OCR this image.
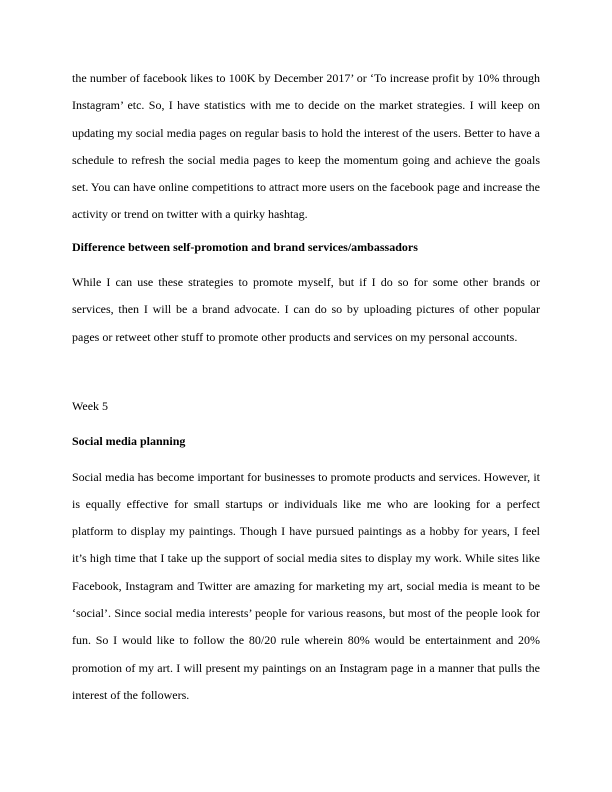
the number of facebook likes to 100K by December 2017’ or ‘To increase profit by 10% through Instagram’ etc. So, I have statistics with me to decide on the market strategies. I will keep on updating my social media pages on regular basis to hold the interest of the users. Better to have a schedule to refresh the social media pages to keep the momentum going and achieve the goals set. You can have online competitions to attract more users on the facebook page and increase the activity or trend on twitter with a quirky hashtag.

Difference between self-promotion and brand services/ambassadors

While I can use these strategies to promote myself, but if I do so for some other brands or services, then I will be a brand advocate. I can do so by uploading pictures of other popular pages or retweet other stuff to promote other products and services on my personal accounts.

Week 5

Social media planning

Social media has become important for businesses to promote products and services. However, it is equally effective for small startups or individuals like me who are looking for a perfect platform to display my paintings. Though I have pursued paintings as a hobby for years, I feel it’s high time that I take up the support of social media sites to display my work. While sites like Facebook, Instagram and Twitter are amazing for marketing my art, social media is meant to be ‘social’. Since social media interests’ people for various reasons, but most of the people look for fun. So I would like to follow the 80/20 rule wherein 80% would be entertainment and 20% promotion of my art. I will present my paintings on an Instagram page in a manner that pulls the interest of the followers.
